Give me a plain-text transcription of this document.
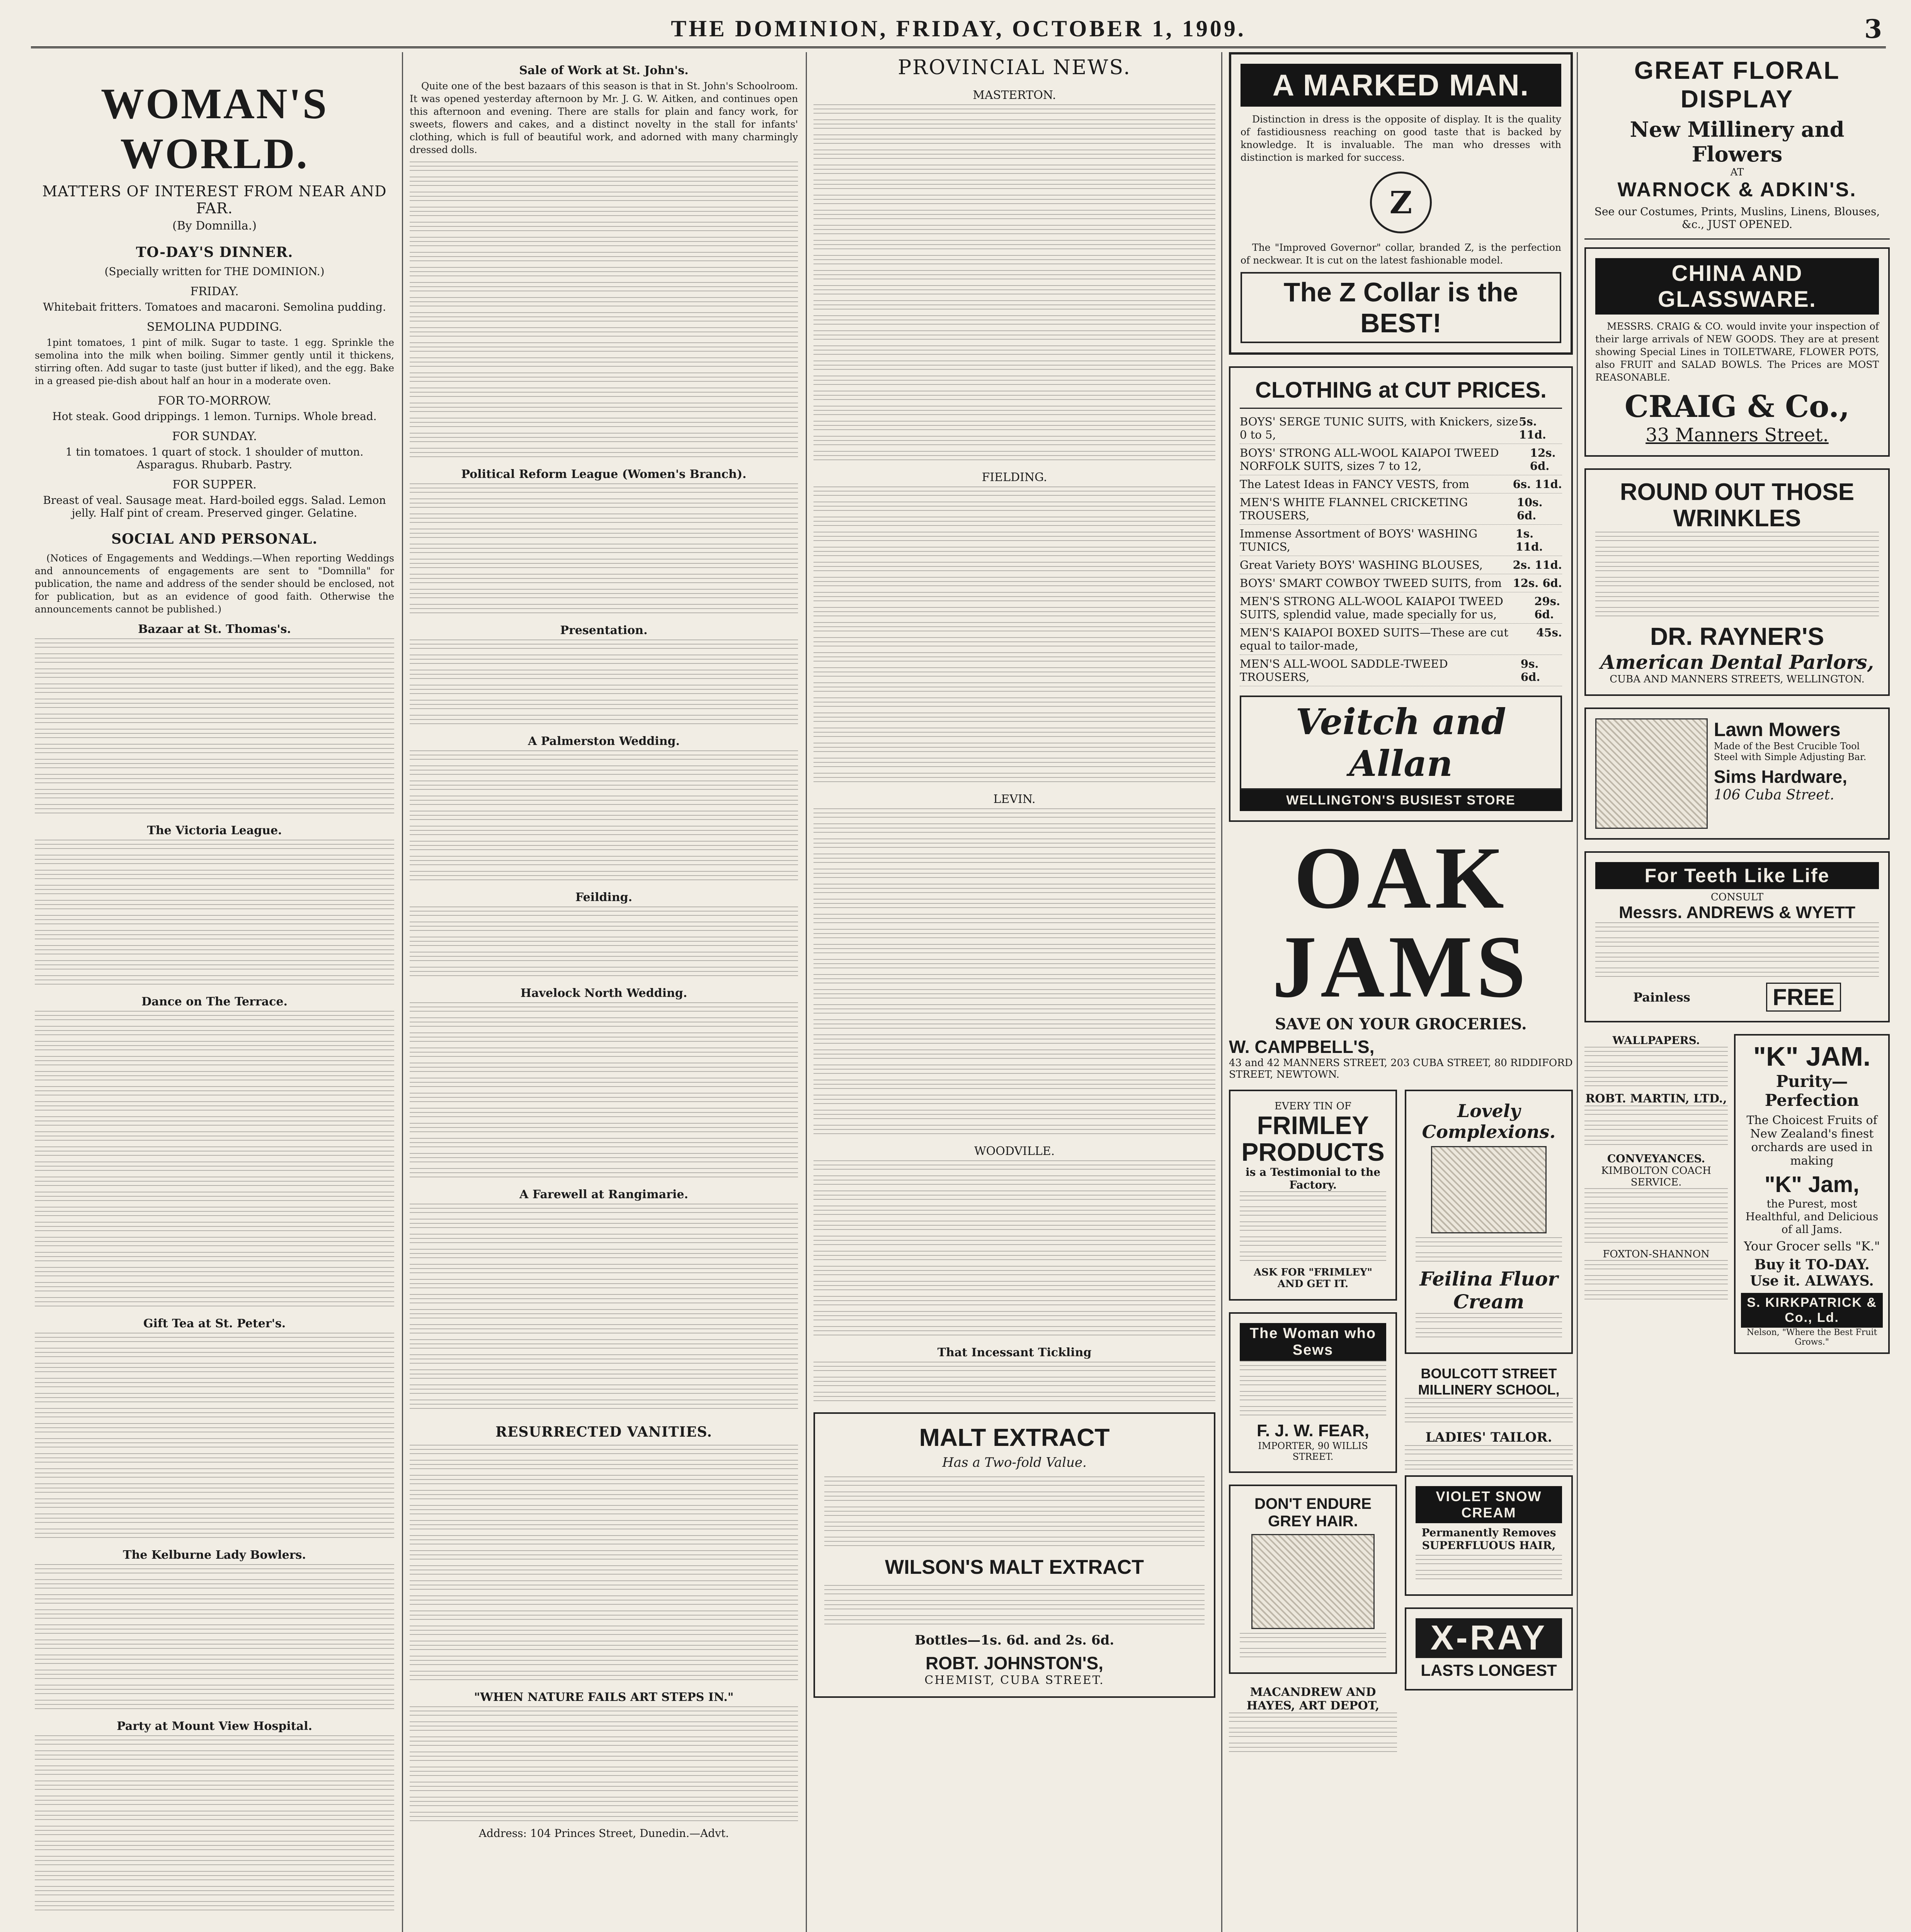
THE DOMINION, FRIDAY, OCTOBER 1, 1909.	3
WOMAN'S WORLD.
MATTERS OF INTEREST FROM NEAR AND FAR.
(By Domnilla.)
TO-DAY'S DINNER.
(Specially written for THE DOMINION.)
FRIDAY.
Whitebait fritters. Tomatoes and macaroni. Semolina pudding.
SEMOLINA PUDDING.

1pint tomatoes, 1 pint of milk. Sugar to taste. 1 egg. Sprinkle the semolina into the milk when boiling. Simmer gently until it thickens, stirring often. Add sugar to taste (just butter if liked), and the egg. Bake in a greased pie-dish about half an hour in a moderate oven.

FOR TO-MORROW.
Hot steak. Good drippings. 1 lemon. Turnips. Whole bread.
FOR SUNDAY.
1 tin tomatoes. 1 quart of stock. 1 shoulder of mutton. Asparagus. Rhubarb. Pastry.
FOR SUPPER.
Breast of veal. Sausage meat. Hard-boiled eggs. Salad. Lemon jelly. Half pint of cream. Preserved ginger. Gelatine.
SOCIAL AND PERSONAL.

(Notices of Engagements and Weddings.—When reporting Weddings and announcements of engagements are sent to "Domnilla" for publication, the name and address of the sender should be enclosed, not for publication, but as an evidence of good faith. Otherwise the announcements cannot be published.)

Bazaar at St. Thomas's.
The Victoria League.
Dance on The Terrace.
Gift Tea at St. Peter's.
The Kelburne Lady Bowlers.
Party at Mount View Hospital.
Sale of Work at St. John's.

Quite one of the best bazaars of this season is that in St. John's Schoolroom. It was opened yesterday afternoon by Mr. J. G. W. Aitken, and continues open this afternoon and evening. There are stalls for plain and fancy work, for sweets, flowers and cakes, and a distinct novelty in the stall for infants' clothing, which is full of beautiful work, and adorned with many charmingly dressed dolls.

Political Reform League (Women's Branch).
Presentation.
A Palmerston Wedding.
Feilding.
Havelock North Wedding.
A Farewell at Rangimarie.
RESURRECTED VANITIES.
"WHEN NATURE FAILS ART STEPS IN."
Address: 104 Princes Street, Dunedin.—Advt.
PROVINCIAL NEWS.
MASTERTON.
FIELDING.
LEVIN.
WOODVILLE.
That Incessant Tickling
MALT EXTRACT
Has a Two-fold Value.
WILSON'S MALT EXTRACT
Bottles—1s. 6d. and 2s. 6d.
ROBT. JOHNSTON'S,
CHEMIST, CUBA STREET.
A MARKED MAN.

Distinction in dress is the opposite of display. It is the quality of fastidiousness reaching on good taste that is backed by knowledge. It is invaluable. The man who dresses with distinction is marked for success.

Z

The "Improved Governor" collar, branded Z, is the perfection of neckwear. It is cut on the latest fashionable model.

The Z Collar is the BEST!
CLOTHING at CUT PRICES.
BOYS' SERGE TUNIC SUITS, with Knickers, size 0 to 5,
5s. 11d.
BOYS' STRONG ALL-WOOL KAIAPOI TWEED NORFOLK SUITS, sizes 7 to 12,
12s. 6d.
The Latest Ideas in FANCY VESTS, from	6s. 11d.
MEN'S WHITE FLANNEL CRICKETING TROUSERS,
10s. 6d.
Immense Assortment of BOYS' WASHING TUNICS,
1s. 11d.
Great Variety BOYS' WASHING BLOUSES,	2s. 11d.
BOYS' SMART COWBOY TWEED SUITS, from 12s. 6d.
MEN'S STRONG ALL-WOOL KAIAPOI TWEED SUITS, splendid value, made specially for us,
29s. 6d.
MEN'S KAIAPOI BOXED SUITS—These are cut equal to tailor-made,
45s.
MEN'S ALL-WOOL SADDLE-TWEED TROUSERS,
9s. 6d.
Veitch and Allan
WELLINGTON'S BUSIEST STORE
OAK JAMS
SAVE ON YOUR GROCERIES.
W. CAMPBELL'S,
43 and 42 MANNERS STREET, 203 CUBA STREET, 80 RIDDIFORD STREET, NEWTOWN.
EVERY TIN OF
FRIMLEY PRODUCTS
is a Testimonial to the Factory.
ASK FOR "FRIMLEY" AND GET IT.
The Woman who Sews
F. J. W. FEAR,
IMPORTER, 90 WILLIS STREET.
DON'T ENDURE GREY HAIR.
MACANDREW AND HAYES, ART DEPOT,
Lovely Complexions.
Feilina Fluor Cream
BOULCOTT STREET MILLINERY SCHOOL,
LADIES' TAILOR.
VIOLET SNOW CREAM
Permanently Removes SUPERFLUOUS HAIR,
X-RAY
LASTS LONGEST
GREAT FLORAL DISPLAY
New Millinery and Flowers
AT
WARNOCK & ADKIN'S.
See our Costumes, Prints, Muslins, Linens, Blouses, &c., JUST OPENED.
CHINA AND GLASSWARE.

MESSRS. CRAIG & CO. would invite your inspection of their large arrivals of NEW GOODS. They are at present showing Special Lines in TOILETWARE, FLOWER POTS, also FRUIT and SALAD BOWLS. The Prices are MOST REASONABLE.

CRAIG & Co.,
33 Manners Street.
ROUND OUT THOSE WRINKLES
DR. RAYNER'S
American Dental Parlors,
CUBA AND MANNERS STREETS, WELLINGTON.
Lawn Mowers
Made of the Best Crucible Tool Steel with Simple Adjusting Bar.
Sims Hardware,
106 Cuba Street.
For Teeth Like Life
CONSULT
Messrs. ANDREWS & WYETT
Painless	FREE
WALLPAPERS.
ROBT. MARTIN, LTD.,
CONVEYANCES.
KIMBOLTON COACH SERVICE.
FOXTON-SHANNON
"K" JAM.
Purity—Perfection
The Choicest Fruits of New Zealand's finest orchards are used in making
"K" Jam,
the Purest, most Healthful, and Delicious of all Jams.
Your Grocer sells "K."
Buy it TO-DAY.
Use it. ALWAYS.
S. KIRKPATRICK & Co., Ld.
Nelson, "Where the Best Fruit Grows."
